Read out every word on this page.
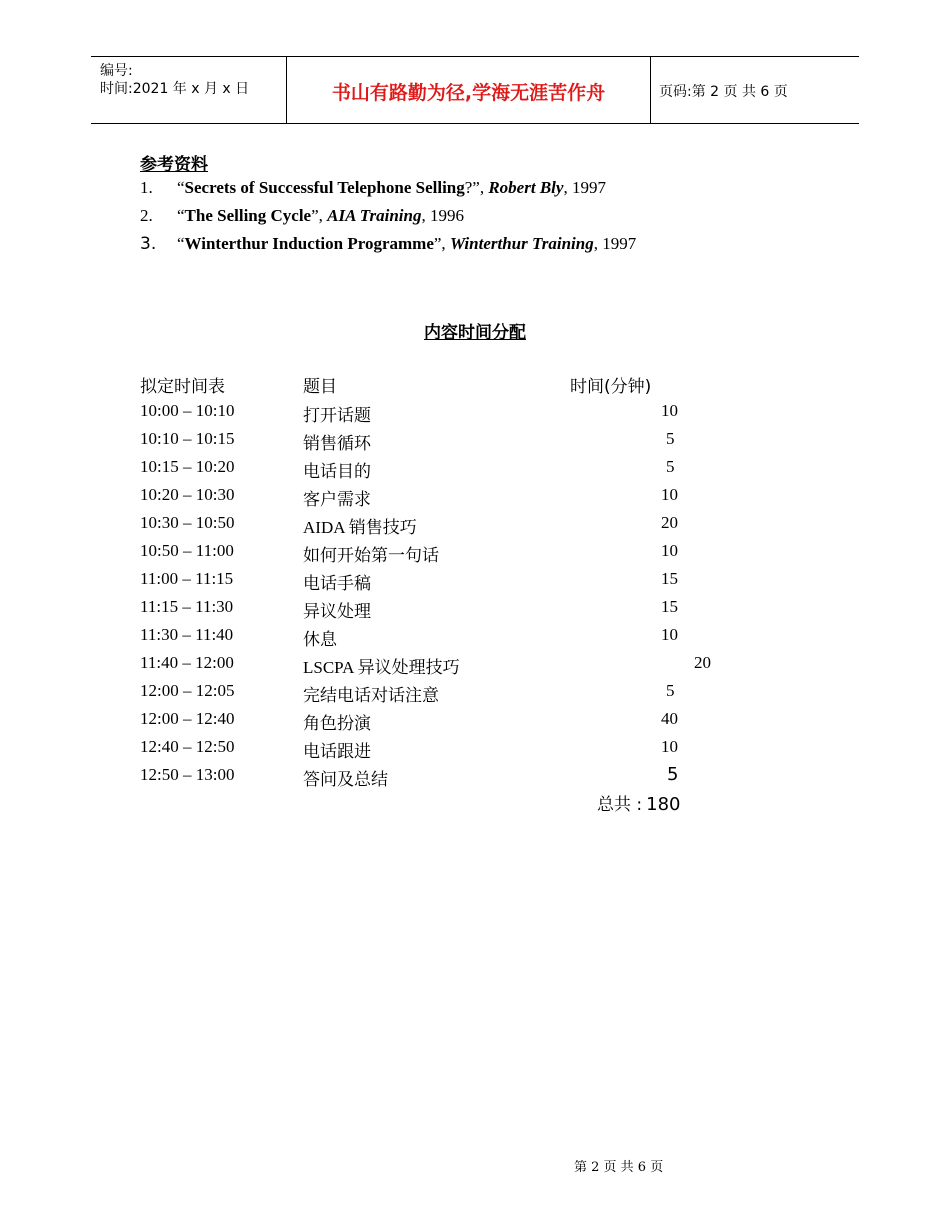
编号:
时间:2021 年 x 月 x 日	书山有路勤为径,学海无涯苦作舟	页码:第 2 页 共 6 页
参考资料
1. “Secrets of Successful Telephone Selling?”, Robert Bly, 1997
2. “The Selling Cycle”, AIA Training, 1996
3. “Winterthur Induction Programme”, Winterthur Training, 1997
内容时间分配
拟定时间表	题目	时间(分钟)
10:00 – 10:10	打开话题	10
10:10 – 10:15	销售循环	5
10:15 – 10:20	电话目的	5
10:20 – 10:30	客户需求	10
10:30 – 10:50	AIDA 销售技巧	20
10:50 – 11:00	如何开始第一句话	10
11:00 – 11:15	电话手稿	15
11:15 – 11:30	异议处理	15
11:30 – 11:40	休息	10
11:40 – 12:00	LSCPA 异议处理技巧	20
12:00 – 12:05	完结电话对话注意	5
12:00 – 12:40	角色扮演	40
12:40 – 12:50	电话跟进	10
12:50 – 13:00	答问及总结	5
总共 : 180
第 2 页 共 6 页
